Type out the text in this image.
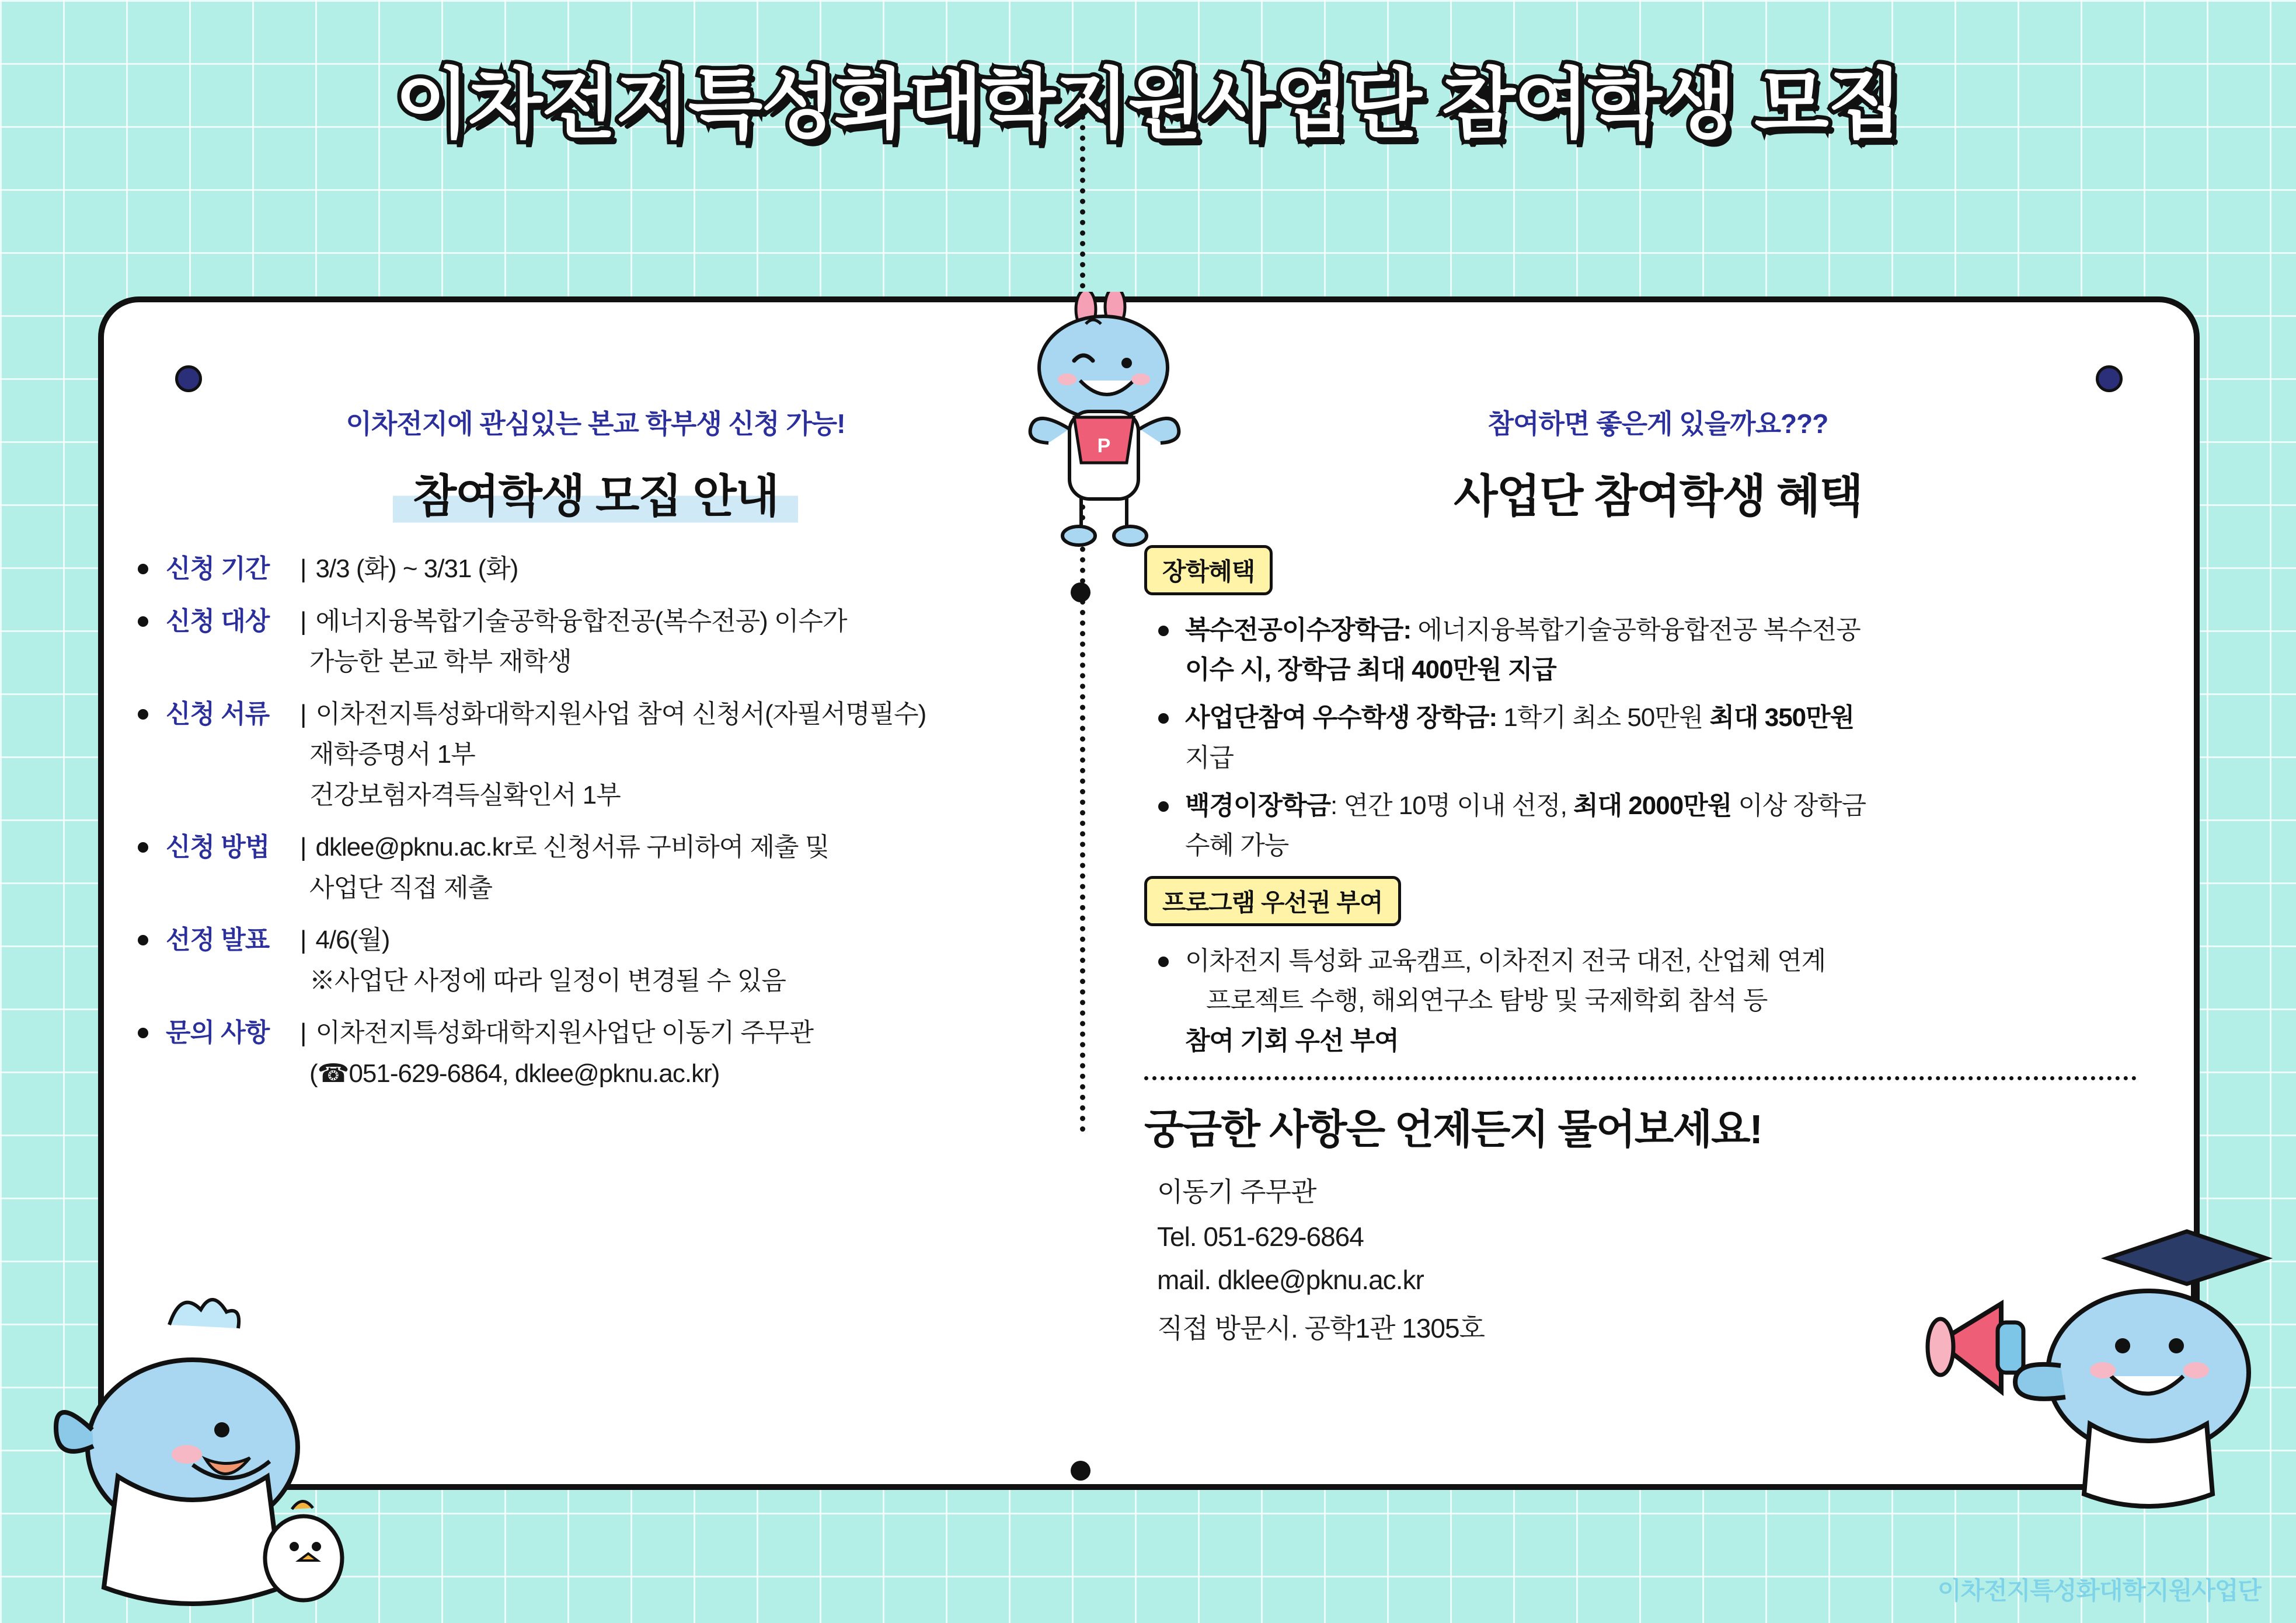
이차전지특성화대학지원사업단 참여학생 모집
이차전지에 관심있는 본교 학부생 신청 가능!
참여학생 모집 안내
신청 기간 | 3/3 (화) ~ 3/31 (화)
신청 대상 | 에너지융복합기술공학융합전공(복수전공) 이수가
가능한 본교 학부 재학생
신청 서류 | 이차전지특성화대학지원사업 참여 신청서(자필서명필수)
재학증명서 1부
건강보험자격득실확인서 1부
신청 방법 | dklee@pknu.ac.kr로 신청서류 구비하여 제출 및
사업단 직접 제출
선정 발표 | 4/6(월)
※사업단 사정에 따라 일정이 변경될 수 있음
문의 사항 | 이차전지특성화대학지원사업단 이동기 주무관
(☎051-629-6864, dklee@pknu.ac.kr)
참여하면 좋은게 있을까요???
사업단 참여학생 혜택
장학혜택
복수전공이수장학금: 에너지융복합기술공학융합전공 복수전공
이수 시, 장학금 최대 400만원 지급
사업단참여 우수학생 장학금: 1학기 최소 50만원 최대 350만원
지급
백경이장학금: 연간 10명 이내 선정, 최대 2000만원 이상 장학금
수혜 가능
프로그램 우선권 부여
이차전지 특성화 교육캠프, 이차전지 전국 대전, 산업체 연계
프로젝트 수행, 해외연구소 탐방 및 국제학회 참석 등
참여 기회 우선 부여
궁금한 사항은 언제든지 물어보세요!
이동기 주무관
Tel. 051-629-6864
mail. dklee@pknu.ac.kr
직접 방문시. 공학1관 1305호
이차전지특성화대학지원사업단
P
